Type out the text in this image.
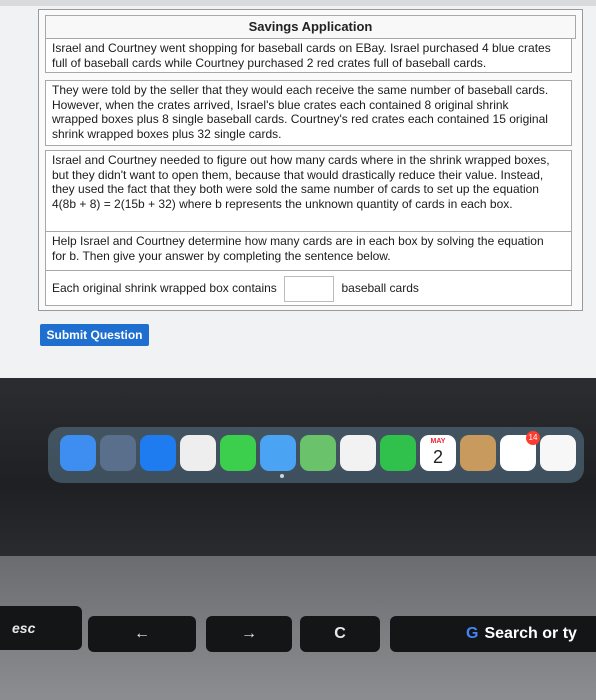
Savings Application
Israel and Courtney went shopping for baseball cards on EBay. Israel purchased 4 blue crates full of baseball cards while Courtney purchased 2 red crates full of baseball cards.

They were told by the seller that they would each receive the same number of baseball cards. However, when the crates arrived, Israel's blue crates each contained 8 original shrink wrapped boxes plus 8 single baseball cards. Courtney's red crates each contained 15 original shrink wrapped boxes plus 32 single cards.

Israel and Courtney needed to figure out how many cards where in the shrink wrapped boxes, but they didn't want to open them, because that would drastically reduce their value. Instead, they used the fact that they both were sold the same number of cards to set up the equation 4(8b + 8) = 2(15b + 32) where b represents the unknown quantity of cards in each box.

Help Israel and Courtney determine how many cards are in each box by solving the equation for b. Then give your answer by completing the sentence below.
Each original shrink wrapped box contains	baseball cards
Submit Question
MAY
2
14
esc	←	→	C	G Search or ty
